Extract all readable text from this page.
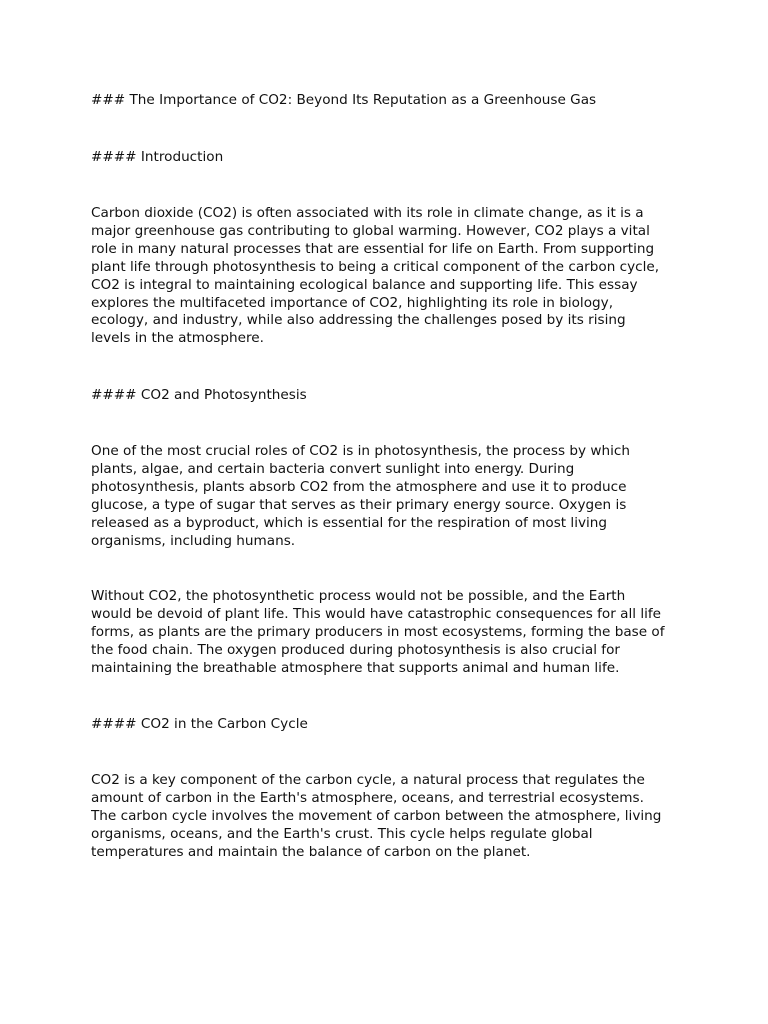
### The Importance of CO2: Beyond Its Reputation as a Greenhouse Gas
#### Introduction
Carbon dioxide (CO2) is often associated with its role in climate change, as it is a
major greenhouse gas contributing to global warming. However, CO2 plays a vital
role in many natural processes that are essential for life on Earth. From supporting
plant life through photosynthesis to being a critical component of the carbon cycle,
CO2 is integral to maintaining ecological balance and supporting life. This essay
explores the multifaceted importance of CO2, highlighting its role in biology,
ecology, and industry, while also addressing the challenges posed by its rising
levels in the atmosphere.
#### CO2 and Photosynthesis
One of the most crucial roles of CO2 is in photosynthesis, the process by which
plants, algae, and certain bacteria convert sunlight into energy. During
photosynthesis, plants absorb CO2 from the atmosphere and use it to produce
glucose, a type of sugar that serves as their primary energy source. Oxygen is
released as a byproduct, which is essential for the respiration of most living
organisms, including humans.
Without CO2, the photosynthetic process would not be possible, and the Earth
would be devoid of plant life. This would have catastrophic consequences for all life
forms, as plants are the primary producers in most ecosystems, forming the base of
the food chain. The oxygen produced during photosynthesis is also crucial for
maintaining the breathable atmosphere that supports animal and human life.
#### CO2 in the Carbon Cycle
CO2 is a key component of the carbon cycle, a natural process that regulates the
amount of carbon in the Earth's atmosphere, oceans, and terrestrial ecosystems.
The carbon cycle involves the movement of carbon between the atmosphere, living
organisms, oceans, and the Earth's crust. This cycle helps regulate global
temperatures and maintain the balance of carbon on the planet.
